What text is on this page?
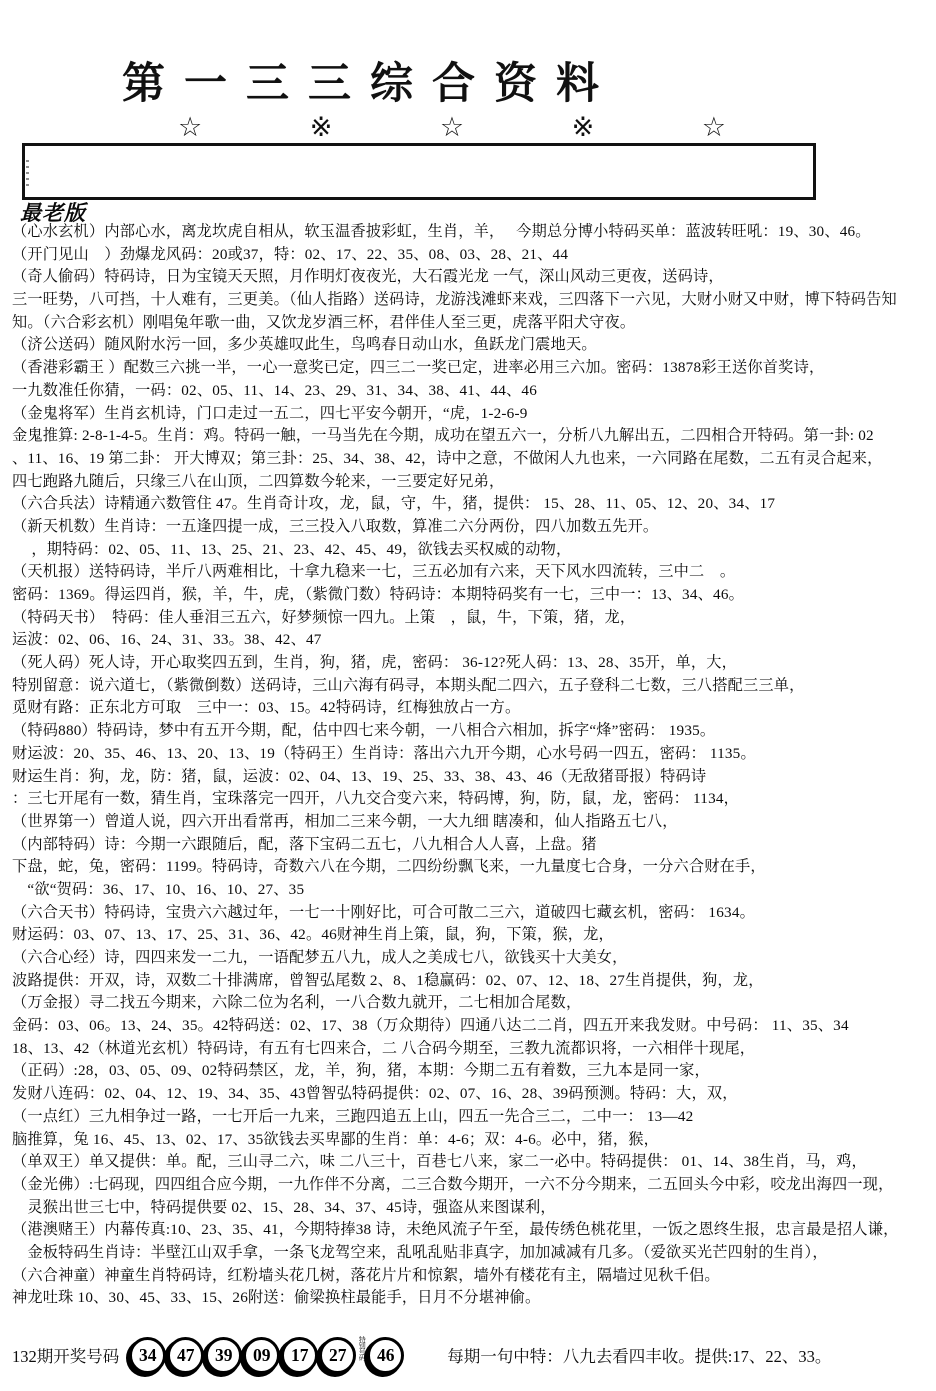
第一三三综合资料
☆	※	☆	※	☆
最老版
（心水玄机）内部心水，离龙坎虎自相从，软玉温香披彩虹，生肖，羊，　 今期总分博小特码买单：蓝波转旺吼：19、30、46。
（开门见山　）劲爆龙风码：20或37，特：02、17、22、35、08、03、28、21、44
（奇人偷码）特码诗，日为宝镜天天照，月作明灯夜夜光，大石霞光龙 一气，深山风动三更夜，送码诗，
三一旺势，八可挡，十人难有，三更美。（仙人指路）送码诗，龙游浅滩虾来戏，三四落下一六见，大财小财又中财，博下特码告知
知。（六合彩玄机）刚唱兔年歌一曲，又饮龙岁酒三杯，君伴佳人至三更，虎落平阳犬守夜。
（济公送码）随风附水污一回，多少英雄叹此生，鸟鸣春日动山水，鱼跃龙门震地天。
（香港彩霸王 ）配数三六挑一半，一心一意奖已定，四三二一奖已定，进率必用三六加。密码：13878彩王送你首奖诗，
一九数准任你猜，一码：02、05、11、14、23、29、31、34、38、41、44、46
（金鬼将军）生肖玄机诗，门口走过一五二，四七平安今朝开，“虎，1-2-6-9
金鬼推算: 2-8-1-4-5。生肖：鸡。特码一触，一马当先在今期，成功在望五六一，分析八九解出五，二四相合开特码。第一卦: 02
、11、16、19 第二卦： 开大博双；第三卦：25、34、38、42，诗中之意，不做闲人九也来，一六同路在尾数，二五有灵合起来，
四七跑路九随后，只缘三八在山顶，二四算数今轮来，一三要定好兄弟，
（六合兵法）诗精通六数管住 47。生肖奇计攻，龙，鼠，守，牛，猪，提供： 15、28、11、05、12、20、34、17
（新天机数）生肖诗：一五逢四提一成，三三投入八取数，算准二六分两份，四八加数五先开。
　 ，期特码：02、05、11、13、25、21、23、42、45、49，欲钱去买权威的动物，
（天机报）送特码诗，半斤八两难相比，十拿九稳来一七，三五必加有六来，天下风水四流转，三中二　。
密码：1369。得运四肖，猴，羊，牛，虎，（紫微门数）特码诗：本期特码奖有一七，三中一：13、34、46。
（特码天书）　特码：佳人垂泪三五六，好梦频惊一四九。上策　，鼠，牛，下策，猪，龙，
运波：02、06、16、24、31、33。38、42、47
（死人码）死人诗，开心取奖四五到，生肖，狗，猪，虎，密码： 36-12?死人码：13、28、35开，单，大，
特别留意：说六道七，（紫微倒数）送码诗，三山六海有码寻，本期头配二四六，五子登科二七数，三八搭配三三单，
觅财有路：正东北方可取　三中一：03、15。42特码诗，红梅独放占一方。
（特码880）特码诗，梦中有五开今期，配，估中四七来今朝，一八相合六相加，拆字“烽”密码： 1935。
财运波：20、35、46、13、20、13、19（特码王）生肖诗：落出六九开今期，心水号码一四五，密码： 1135。
财运生肖：狗，龙，防：猪，鼠，运波：02、04、13、19、25、33、38、43、46（无敌猪哥报）特码诗
：三七开尾有一数，猜生肖，宝珠落完一四开，八九交合变六来，特码博，狗，防，鼠，龙，密码： 1134，
（世界第一）曾道人说，四六开出看常再，相加二三来今朝，一大九细 瞎凑和，仙人指路五七八，
（内部特码）诗：今期一六跟随后，配，落下宝码二五七，八九相合人人喜，上盘。猪
下盘，蛇，兔，密码：1199。特码诗，奇数六八在今期，二四纷纷飘飞来，一九量度七合身，一分六合财在手，
　“欲“贺码：36、17、10、16、10、27、35
（六合天书）特码诗，宝贵六六越过年，一七一十刚好比，可合可散二三六，道破四七藏玄机，密码： 1634。
财运码：03、07、13、17、25、31、36、42。46财神生肖上策，鼠，狗，下策，猴，龙，
（六合心经）诗，四四来发一二九，一语配梦五八九，成人之美成七八，欲钱买十大美女，
波路提供：开双，诗，双数二十排满席，曾智弘尾数 2、8、1稳赢码：02、07、12、18、27生肖提供，狗，龙，
（万金报）寻二找五今期来，六除二位为名利，一八合数九就开，二七相加合尾数，
金码：03、06。13、24、35。42特码送：02、17、38（万众期待）四通八达二二肖，四五开来我发财。中号码： 11、35、34
18、13、42（林道光玄机）特码诗，有五有七四来合，二 八合码今期至，三教九流都识将，一六相伴十现尾，
（正码）:28，03、05、09、02特码禁区，龙，羊，狗，猪，本期：今期二五有着数，三九本是同一家，
发财八连码：02、04、12、19、34、35、43曾智弘特码提供：02、07、16、28、39码预测。特码：大，双，
（一点红）三九相争过一路，一七开后一九来，三跑四追五上山，四五一先合三二，二中一： 13—42
脑推算，兔 16、45、13、02、17、35欲钱去买卑鄙的生肖：单：4-6；双：4-6。必中，猪，猴，
（单双王）单又提供：单。配，三山寻二六，味 二八三十，百巷七八来，家二一必中。特码提供： 01、14、38生肖，马，鸡，
（金光佛）:七码现，四四组合应今期，一九作伴不分离，二三合数今期开，一六不分今期来，二五回头今中彩，咬龙出海四一现，
　灵猴出世三七中，特码提供要 02、15、28、34、37、45诗，强盗从来图谋利，
（港澳赌王）内幕传真:10、23、35、41，今期特捧38 诗，未绝风流子午至，最传绣色桃花里，一饭之恩终生报，忠言最是招人谦，
　金板特码生肖诗：半壁江山双手拿，一条飞龙驾空来，乱吼乱贴非真字，加加减减有几多。（爱欲买光芒四射的生肖），
（六合神童）神童生肖特码诗，红粉墙头花几树，落花片片和惊絮，墙外有楼花有主，隔墙过见秋千侣。
神龙吐珠 10、30、45、33、15、26附送：偷梁换柱最能手，日月不分堪神偷。
132期开奖号码	34	47	39	09	17	27	特别号码 46	每期一句中特：八九去看四丰收。提供:17、22、33。
